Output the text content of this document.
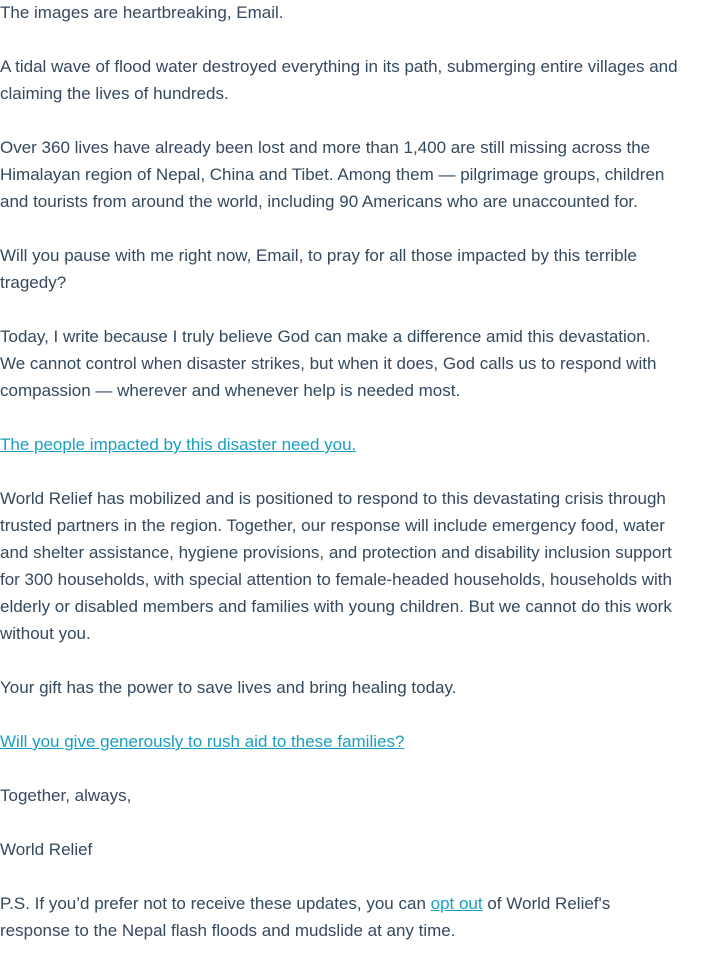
The images are heartbreaking, Email.

A tidal wave of flood water destroyed everything in its path, submerging entire villages and
claiming the lives of hundreds.

Over 360 lives have already been lost and more than 1,400 are still missing across the
Himalayan region of Nepal, China and Tibet. Among them — pilgrimage groups, children
and tourists from around the world, including 90 Americans who are unaccounted for.

Will you pause with me right now, Email, to pray for all those impacted by this terrible
tragedy?

Today, I write because I truly believe God can make a difference amid this devastation.
We cannot control when disaster strikes, but when it does, God calls us to respond with
compassion — wherever and whenever help is needed most.

The people impacted by this disaster need you.

World Relief has mobilized and is positioned to respond to this devastating crisis through
trusted partners in the region. Together, our response will include emergency food, water
and shelter assistance, hygiene provisions, and protection and disability inclusion support
for 300 households, with special attention to female-headed households, households with
elderly or disabled members and families with young children. But we cannot do this work
without you.

Your gift has the power to save lives and bring healing today.

Will you give generously to rush aid to these families?

Together, always,

World Relief

P.S. If you’d prefer not to receive these updates, you can opt out of World Relief's
response to the Nepal flash floods and mudslide at any time.
